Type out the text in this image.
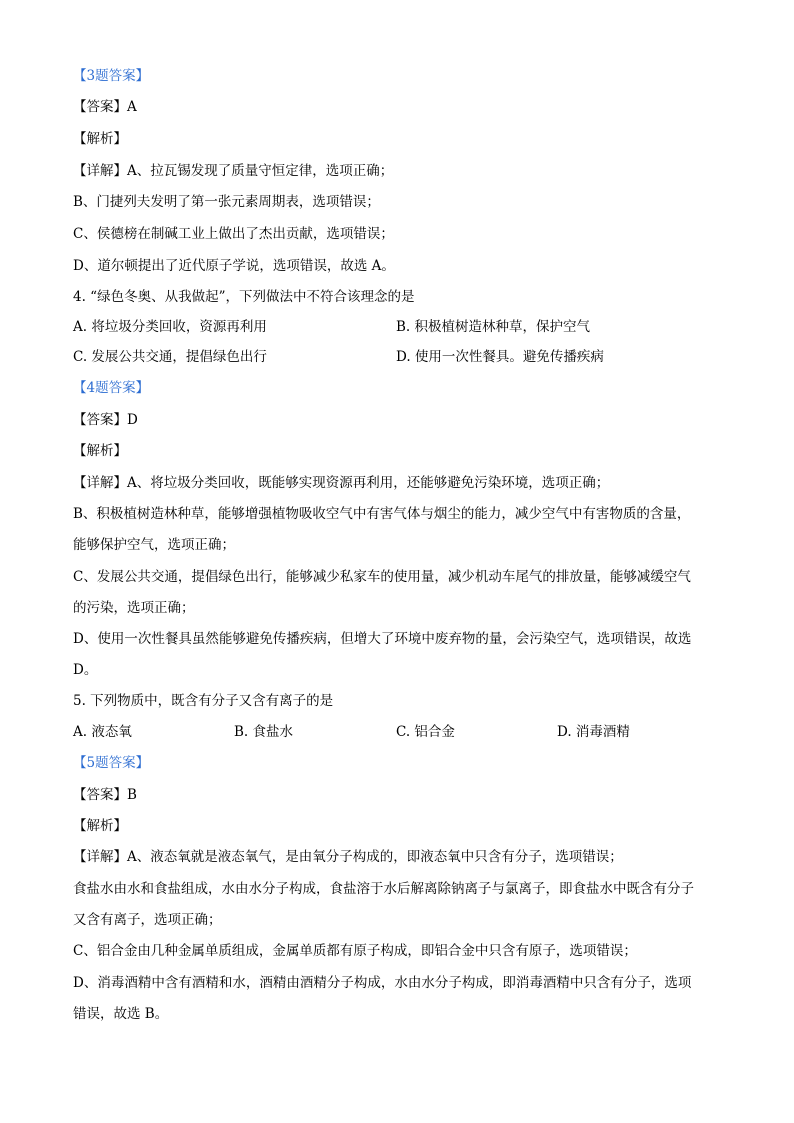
【3题答案】
【答案】A
【解析】
【详解】A、拉瓦锡发现了质量守恒定律，选项正确；
B、门捷列夫发明了第一张元素周期表，选项错误；
C、侯德榜在制碱工业上做出了杰出贡献，选项错误；
D、道尔顿提出了近代原子学说，选项错误，故选 A。
4. “绿色冬奥、从我做起”，下列做法中不符合该理念的是
A. 将垃圾分类回收，资源再利用	B. 积极植树造林种草，保护空气
C. 发展公共交通，提倡绿色出行	D. 使用一次性餐具。避免传播疾病
【4题答案】
【答案】D
【解析】
【详解】A、将垃圾分类回收，既能够实现资源再利用，还能够避免污染环境，选项正确；
B、积极植树造林种草，能够增强植物吸收空气中有害气体与烟尘的能力，减少空气中有害物质的含量，
能够保护空气，选项正确；
C、发展公共交通，提倡绿色出行，能够减少私家车的使用量，减少机动车尾气的排放量，能够减缓空气
的污染，选项正确；
D、使用一次性餐具虽然能够避免传播疾病，但增大了环境中废弃物的量，会污染空气，选项错误，故选
D。
5. 下列物质中，既含有分子又含有离子的是
A. 液态氧	B. 食盐水	C. 铝合金	D. 消毒酒精
【5题答案】
【答案】B
【解析】
【详解】A、液态氧就是液态氧气，是由氧分子构成的，即液态氧中只含有分子，选项错误；
食盐水由水和食盐组成，水由水分子构成，食盐溶于水后解离除钠离子与氯离子，即食盐水中既含有分子
又含有离子，选项正确；
C、铝合金由几种金属单质组成，金属单质都有原子构成，即铝合金中只含有原子，选项错误；
D、消毒酒精中含有酒精和水，酒精由酒精分子构成，水由水分子构成，即消毒酒精中只含有分子，选项
错误，故选 B。
